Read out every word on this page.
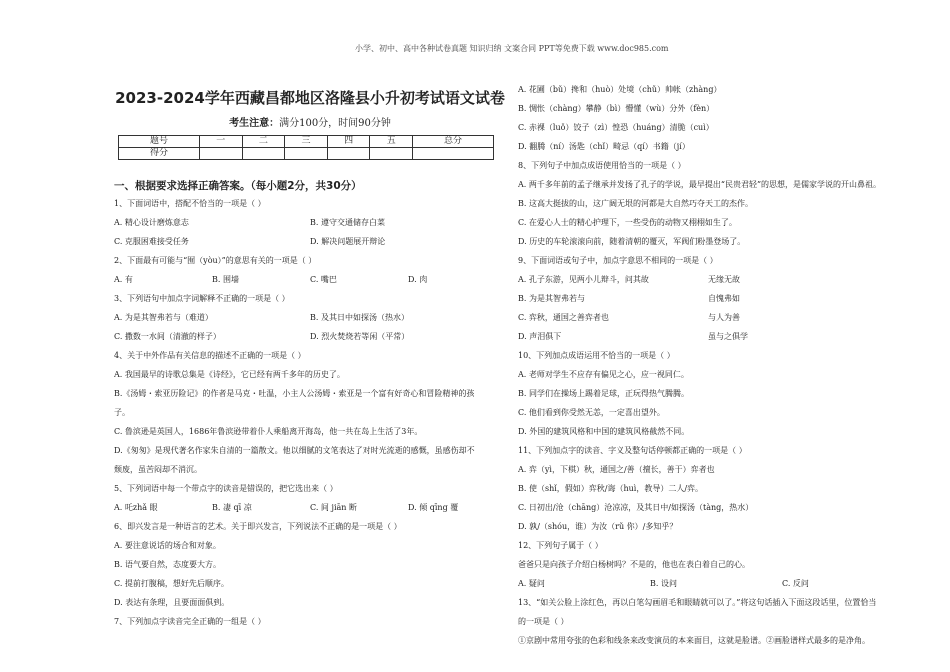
小学、初中、高中各种试卷真题 知识归纳 文案合同 PPT等免费下载 www.doc985.com
2023-2024学年西藏昌都地区洛隆县小升初考试语文试卷
考生注意：满分100分，时间90分钟
题号	一	二	三	四	五	总分
得分						
一、根据要求选择正确答案。（每小题2分，共30分）
1、下面词语中，搭配不恰当的一项是（ ）
A. 精心设计磨炼意志	B. 遵守交通储存白菜
C. 克服困难接受任务	D. 解决问题展开辩论
2、下面最有可能与“囿（yòu）”的意思有关的一项是（ ）
A. 有	B. 围墙	C. 嘴巴	D. 肉
3、下列语句中加点字词解释不正确的一项是（ ）
A. 为是其智弗若与（难道）	B. 及其日中如探汤（热水）
C. 撒数一水间（清澈的样子）	D. 烈火焚烧若等闲（平常）
4、关于中外作品有关信息的描述不正确的一项是（ ）
A. 我国最早的诗歌总集是《诗经》，它已经有两千多年的历史了。
B.《汤姆・索亚历险记》的作者是马克・吐温，小主人公汤姆・索亚是一个富有好奇心和冒险精神的孩
子。
C. 鲁滨逊是英国人，1686年鲁滨逊带着仆人乘船离开海岛，他一共在岛上生活了3年。
D.《匆匆》是现代著名作家朱自清的一篇散文。他以细腻的文笔表达了对时光流逝的感慨，虽感伤却不
颓废，虽苦闷却不消沉。
5、下列词语中每一个带点字的读音是错误的，把它选出来（ ）
A. 吒zhǎ 眼	B. 凄 qī 凉	C. 间 jiān 断	D. 倾 qīng 覆
6、即兴发言是一种语言的艺术。关于即兴发言，下列说法不正确的是一项是（ ）
A. 要注意说话的场合和对象。
B. 语气要自然，态度要大方。
C. 提前打腹稿，想好先后顺序。
D. 表达有条理，且要面面俱到。
7、下列加点字读音完全正确的一组是（ ）
A. 花圃（bǔ）搀和（huò）处境（chǔ）帅帐（zhàng）
B. 惆怅（chàng）攀静（bì）懵懂（wù）分外（fèn）
C. 赤裸（luǒ）饺子（zì）惶恐（huáng）清脆（cuì）
D. 翻腾（ní）汤匙（chǐ）畸忌（qí）书籍（jí）
8、下列句子中加点成语使用恰当的一项是（ ）
A. 两千多年前的孟子继承并发扬了孔子的学说，最早提出“民贵君轻”的思想，是儒家学说的开山鼻祖。
B. 这高大挺拔的山，这广阔无垠的河都是大自然巧夺天工的杰作。
C. 在爱心人士的精心护理下，一些受伤的动物又栩栩如生了。
D. 历史的车轮滚滚向前，随着清朝的覆灭，军阀们粉墨登场了。
9、下面词语或句子中，加点字意思不相同的一项是（ ）
A. 孔子东游，见两小儿辩斗，问其故	无缘无故
B. 为是其智弗若与	自愧弗如
C. 弈秋，通国之善弈者也	与人为善
D. 声泪俱下	虽与之俱学
10、下列加点成语运用不恰当的一项是（ ）
A. 老师对学生不应存有偏见之心，应一视同仁。
B. 同学们在操场上踢着足球，正玩得热气腾腾。
C. 他们看到你受然无恙，一定喜出望外。
D. 外国的建筑风格和中国的建筑风格截然不同。
11、下列加点字的读音、字义及整句话停顿都正确的一项是（ ）
A. 弈（yì，下棋）秋，通国之/善（擅长，善于）弈者也
B. 使（shǐ，假如）弈秋/诲（huì，教导）二人/弈。
C. 日初出/沧（chāng）沧凉凉，及其日中/如探汤（tàng，热水）
D. 孰/（shóu，谁）为汝（rǔ 你）/多知乎？
12、下列句子属于（ ）
爸爸只是向孩子介绍白杨树吗？不是的，他也在表白着自己的心。
A. 疑问	B. 设问	C. 反问
13、“如关公脸上涂红色，再以白笔勾画眉毛和眼睛就可以了。”将这句话插入下面这段话里，位置恰当
的一项是（ ）
①京剧中常用夸张的色彩和线条来改变演员的本来面目，这就是脸谱。②画脸谱样式最多的是净角。
